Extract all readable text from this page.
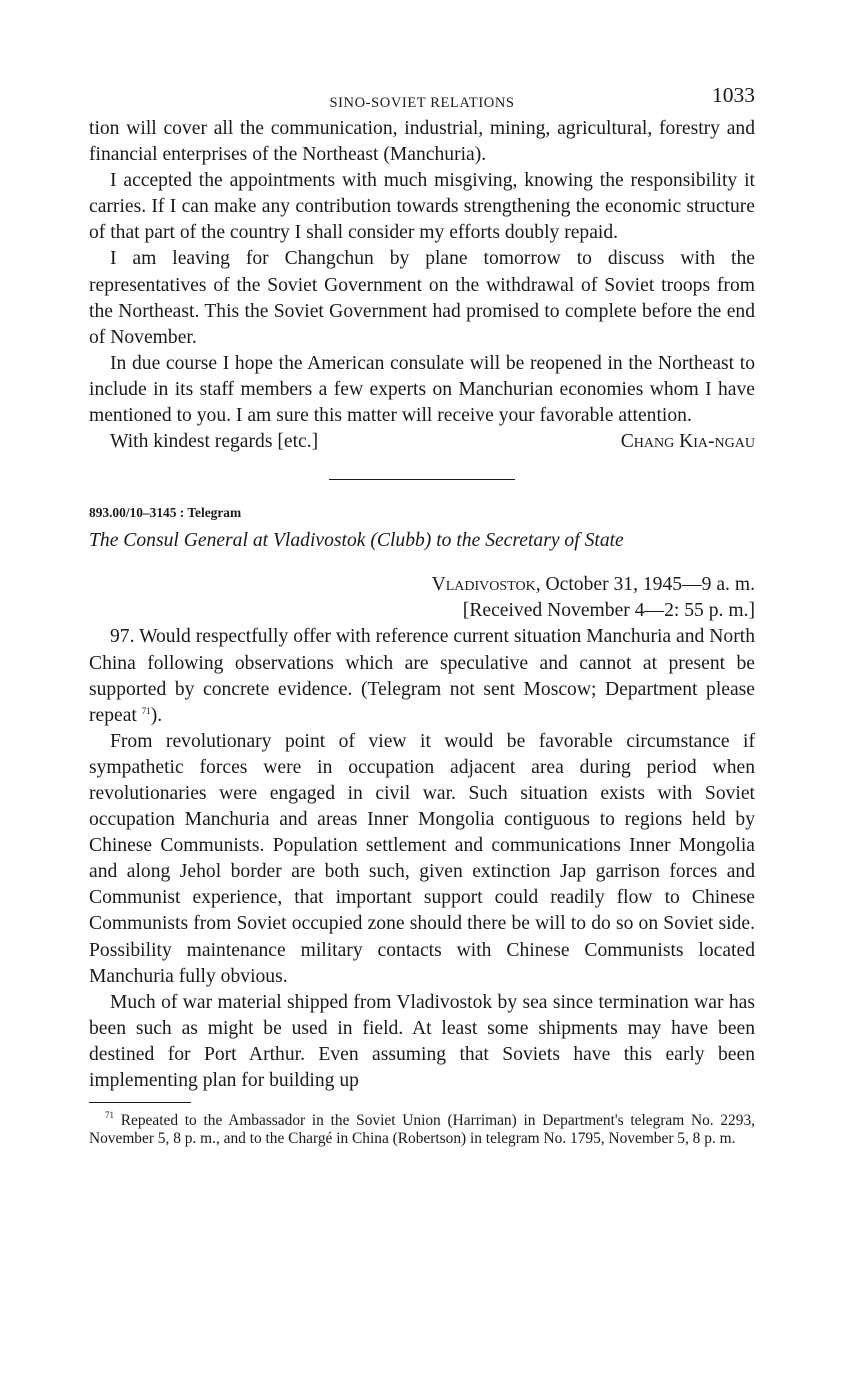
SINO-SOVIET RELATIONS	1033

tion will cover all the communication, industrial, mining, agricultural, forestry and financial enterprises of the Northeast (Manchuria).

I accepted the appointments with much misgiving, knowing the responsibility it carries. If I can make any contribution towards strengthening the economic structure of that part of the country I shall consider my efforts doubly repaid.

I am leaving for Changchun by plane tomorrow to discuss with the representatives of the Soviet Government on the withdrawal of Soviet troops from the Northeast. This the Soviet Government had promised to complete before the end of November.

In due course I hope the American consulate will be reopened in the Northeast to include in its staff members a few experts on Manchurian economies whom I have mentioned to you. I am sure this matter will receive your favorable attention.

With kindest regards [etc.]	Chang Kia-ngau
893.00/10–3145 : Telegram
The Consul General at Vladivostok (Clubb) to the Secretary of State
Vladivostok, October 31, 1945—9 a. m.
[Received November 4—2: 55 p. m.]

97. Would respectfully offer with reference current situation Manchuria and North China following observations which are speculative and cannot at present be supported by concrete evidence. (Telegram not sent Moscow; Department please repeat $^{71}$).

From revolutionary point of view it would be favorable circumstance if sympathetic forces were in occupation adjacent area during period when revolutionaries were engaged in civil war. Such situation exists with Soviet occupation Manchuria and areas Inner Mongolia contiguous to regions held by Chinese Communists. Population settlement and communications Inner Mongolia and along Jehol border are both such, given extinction Jap garrison forces and Communist experience, that important support could readily flow to Chinese Communists from Soviet occupied zone should there be will to do so on Soviet side. Possibility maintenance military contacts with Chinese Communists located Manchuria fully obvious.

Much of war material shipped from Vladivostok by sea since termination war has been such as might be used in field. At least some shipments may have been destined for Port Arthur. Even assuming that Soviets have this early been implementing plan for building up

$^{71}$ Repeated to the Ambassador in the Soviet Union (Harriman) in Department's telegram No. 2293, November 5, 8 p. m., and to the Chargé in China (Robertson) in telegram No. 1795, November 5, 8 p. m.
